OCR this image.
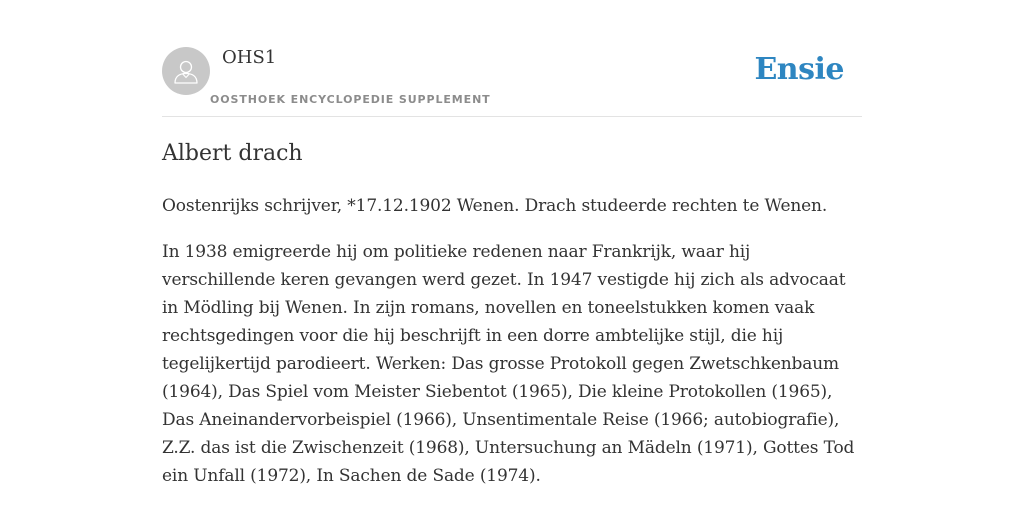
OHS1
OOSTHOEK ENCYCLOPEDIE SUPPLEMENT
Ensie
Albert drach

Oostenrijks schrijver, *17.12.1902 Wenen. Drach studeerde rechten te Wenen.

In 1938 emigreerde hij om politieke redenen naar Frankrijk, waar hij verschillende keren gevangen werd gezet. In 1947 vestigde hij zich als advocaat in Mödling bij Wenen. In zijn romans, novellen en toneelstukken komen vaak rechtsgedingen voor die hij beschrijft in een dorre ambtelijke stijl, die hij tegelijkertijd parodieert. Werken: Das grosse Protokoll gegen Zwetschkenbaum (1964), Das Spiel vom Meister Siebentot (1965), Die kleine Protokollen (1965), Das Aneinandervorbeispiel (1966), Unsentimentale Reise (1966; autobiografie), Z.Z. das ist die Zwischenzeit (1968), Untersuchung an Mädeln (1971), Gottes Tod ein Unfall (1972), In Sachen de Sade (1974).
